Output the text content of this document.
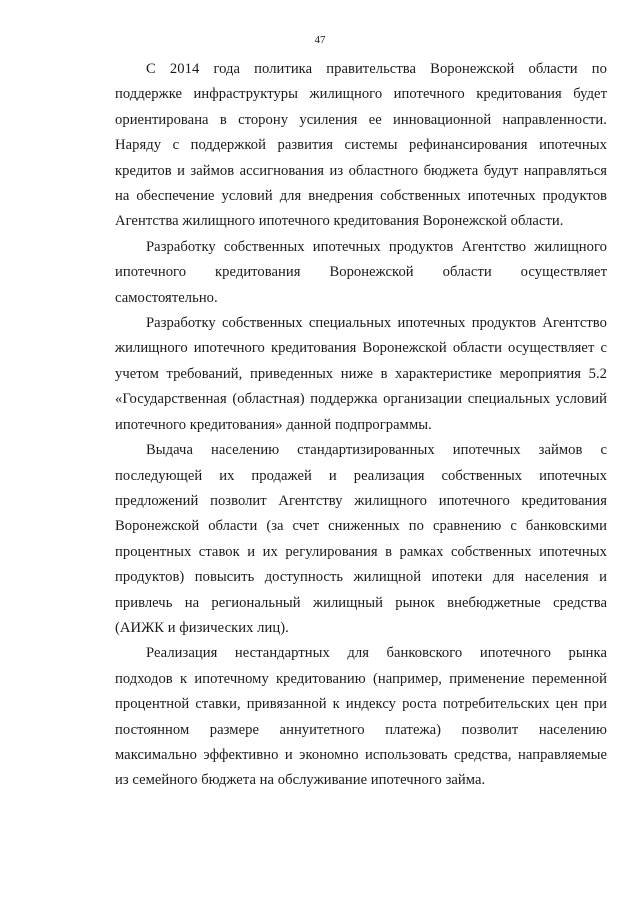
47

С 2014 года политика правительства Воронежской области по
поддержке инфраструктуры жилищного ипотечного кредитования будет
ориентирована в сторону усиления ее инновационной направленности.
Наряду с поддержкой развития системы рефинансирования ипотечных
кредитов и займов ассигнования из областного бюджета будут направляться
на обеспечение условий для внедрения собственных ипотечных продуктов
Агентства жилищного ипотечного кредитования Воронежской области.

Разработку собственных ипотечных продуктов Агентство жилищного
ипотечного кредитования Воронежской области осуществляет
самостоятельно.

Разработку собственных специальных ипотечных продуктов Агентство
жилищного ипотечного кредитования Воронежской области осуществляет с
учетом требований, приведенных ниже в характеристике мероприятия 5.2
«Государственная (областная) поддержка организации специальных условий
ипотечного кредитования» данной подпрограммы.

Выдача населению стандартизированных ипотечных займов с
последующей их продажей и реализация собственных ипотечных
предложений позволит Агентству жилищного ипотечного кредитования
Воронежской области (за счет сниженных по сравнению с банковскими
процентных ставок и их регулирования в рамках собственных ипотечных
продуктов) повысить доступность жилищной ипотеки для населения и
привлечь на региональный жилищный рынок внебюджетные средства
(АИЖК и физических лиц).

Реализация нестандартных для банковского ипотечного рынка
подходов к ипотечному кредитованию (например, применение переменной
процентной ставки, привязанной к индексу роста потребительских цен при
постоянном размере аннуитетного платежа) позволит населению
максимально эффективно и экономно использовать средства, направляемые
из семейного бюджета на обслуживание ипотечного займа.
